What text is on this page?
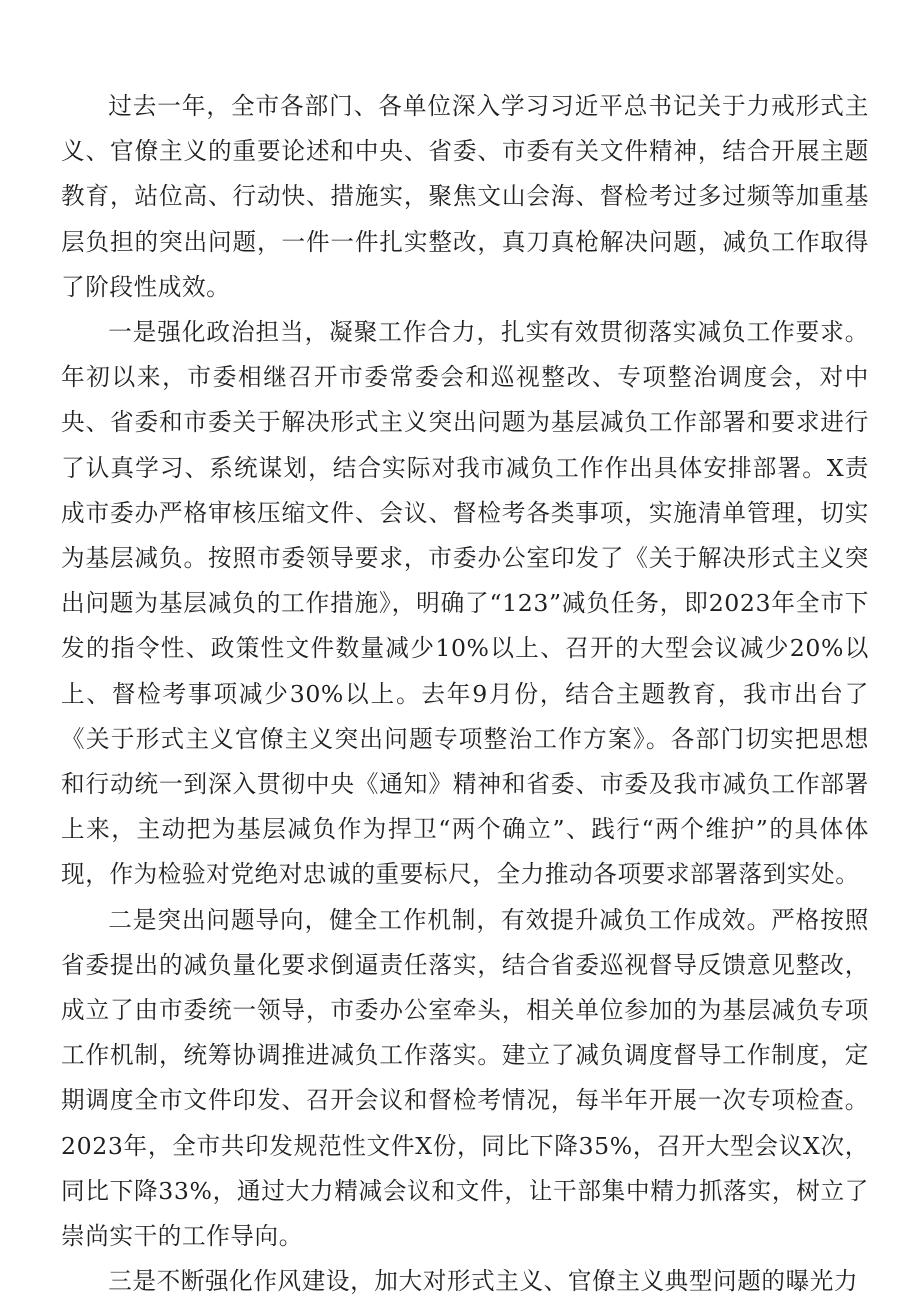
过去一年，全市各部门、各单位深入学习习近平总书记关于力戒形式主义、官僚主义的重要论述和中央、省委、市委有关文件精神，结合开展主题教育，站位高、行动快、措施实，聚焦文山会海、督检考过多过频等加重基层负担的突出问题，一件一件扎实整改，真刀真枪解决问题，减负工作取得了阶段性成效。

一是强化政治担当，凝聚工作合力，扎实有效贯彻落实减负工作要求。年初以来，市委相继召开市委常委会和巡视整改、专项整治调度会，对中央、省委和市委关于解决形式主义突出问题为基层减负工作部署和要求进行了认真学习、系统谋划，结合实际对我市减负工作作出具体安排部署。X责成市委办严格审核压缩文件、会议、督检考各类事项，实施清单管理，切实为基层减负。按照市委领导要求，市委办公室印发了《关于解决形式主义突出问题为基层减负的工作措施》，明确了“123”减负任务，即2023年全市下发的指令性、政策性文件数量减少10%以上、召开的大型会议减少20%以上、督检考事项减少30%以上。去年9月份，结合主题教育，我市出台了《关于形式主义官僚主义突出问题专项整治工作方案》。各部门切实把思想和行动统一到深入贯彻中央《通知》精神和省委、市委及我市减负工作部署上来，主动把为基层减负作为捍卫“两个确立”、践行“两个维护”的具体体现，作为检验对党绝对忠诚的重要标尺，全力推动各项要求部署落到实处。

二是突出问题导向，健全工作机制，有效提升减负工作成效。严格按照省委提出的减负量化要求倒逼责任落实，结合省委巡视督导反馈意见整改，成立了由市委统一领导，市委办公室牵头，相关单位参加的为基层减负专项工作机制，统筹协调推进减负工作落实。建立了减负调度督导工作制度，定期调度全市文件印发、召开会议和督检考情况，每半年开展一次专项检查。2023年，全市共印发规范性文件X份，同比下降35%，召开大型会议X次，同比下降33%，通过大力精减会议和文件，让干部集中精力抓落实，树立了崇尚实干的工作导向。

三是不断强化作风建设，加大对形式主义、官僚主义典型问题的曝光力
